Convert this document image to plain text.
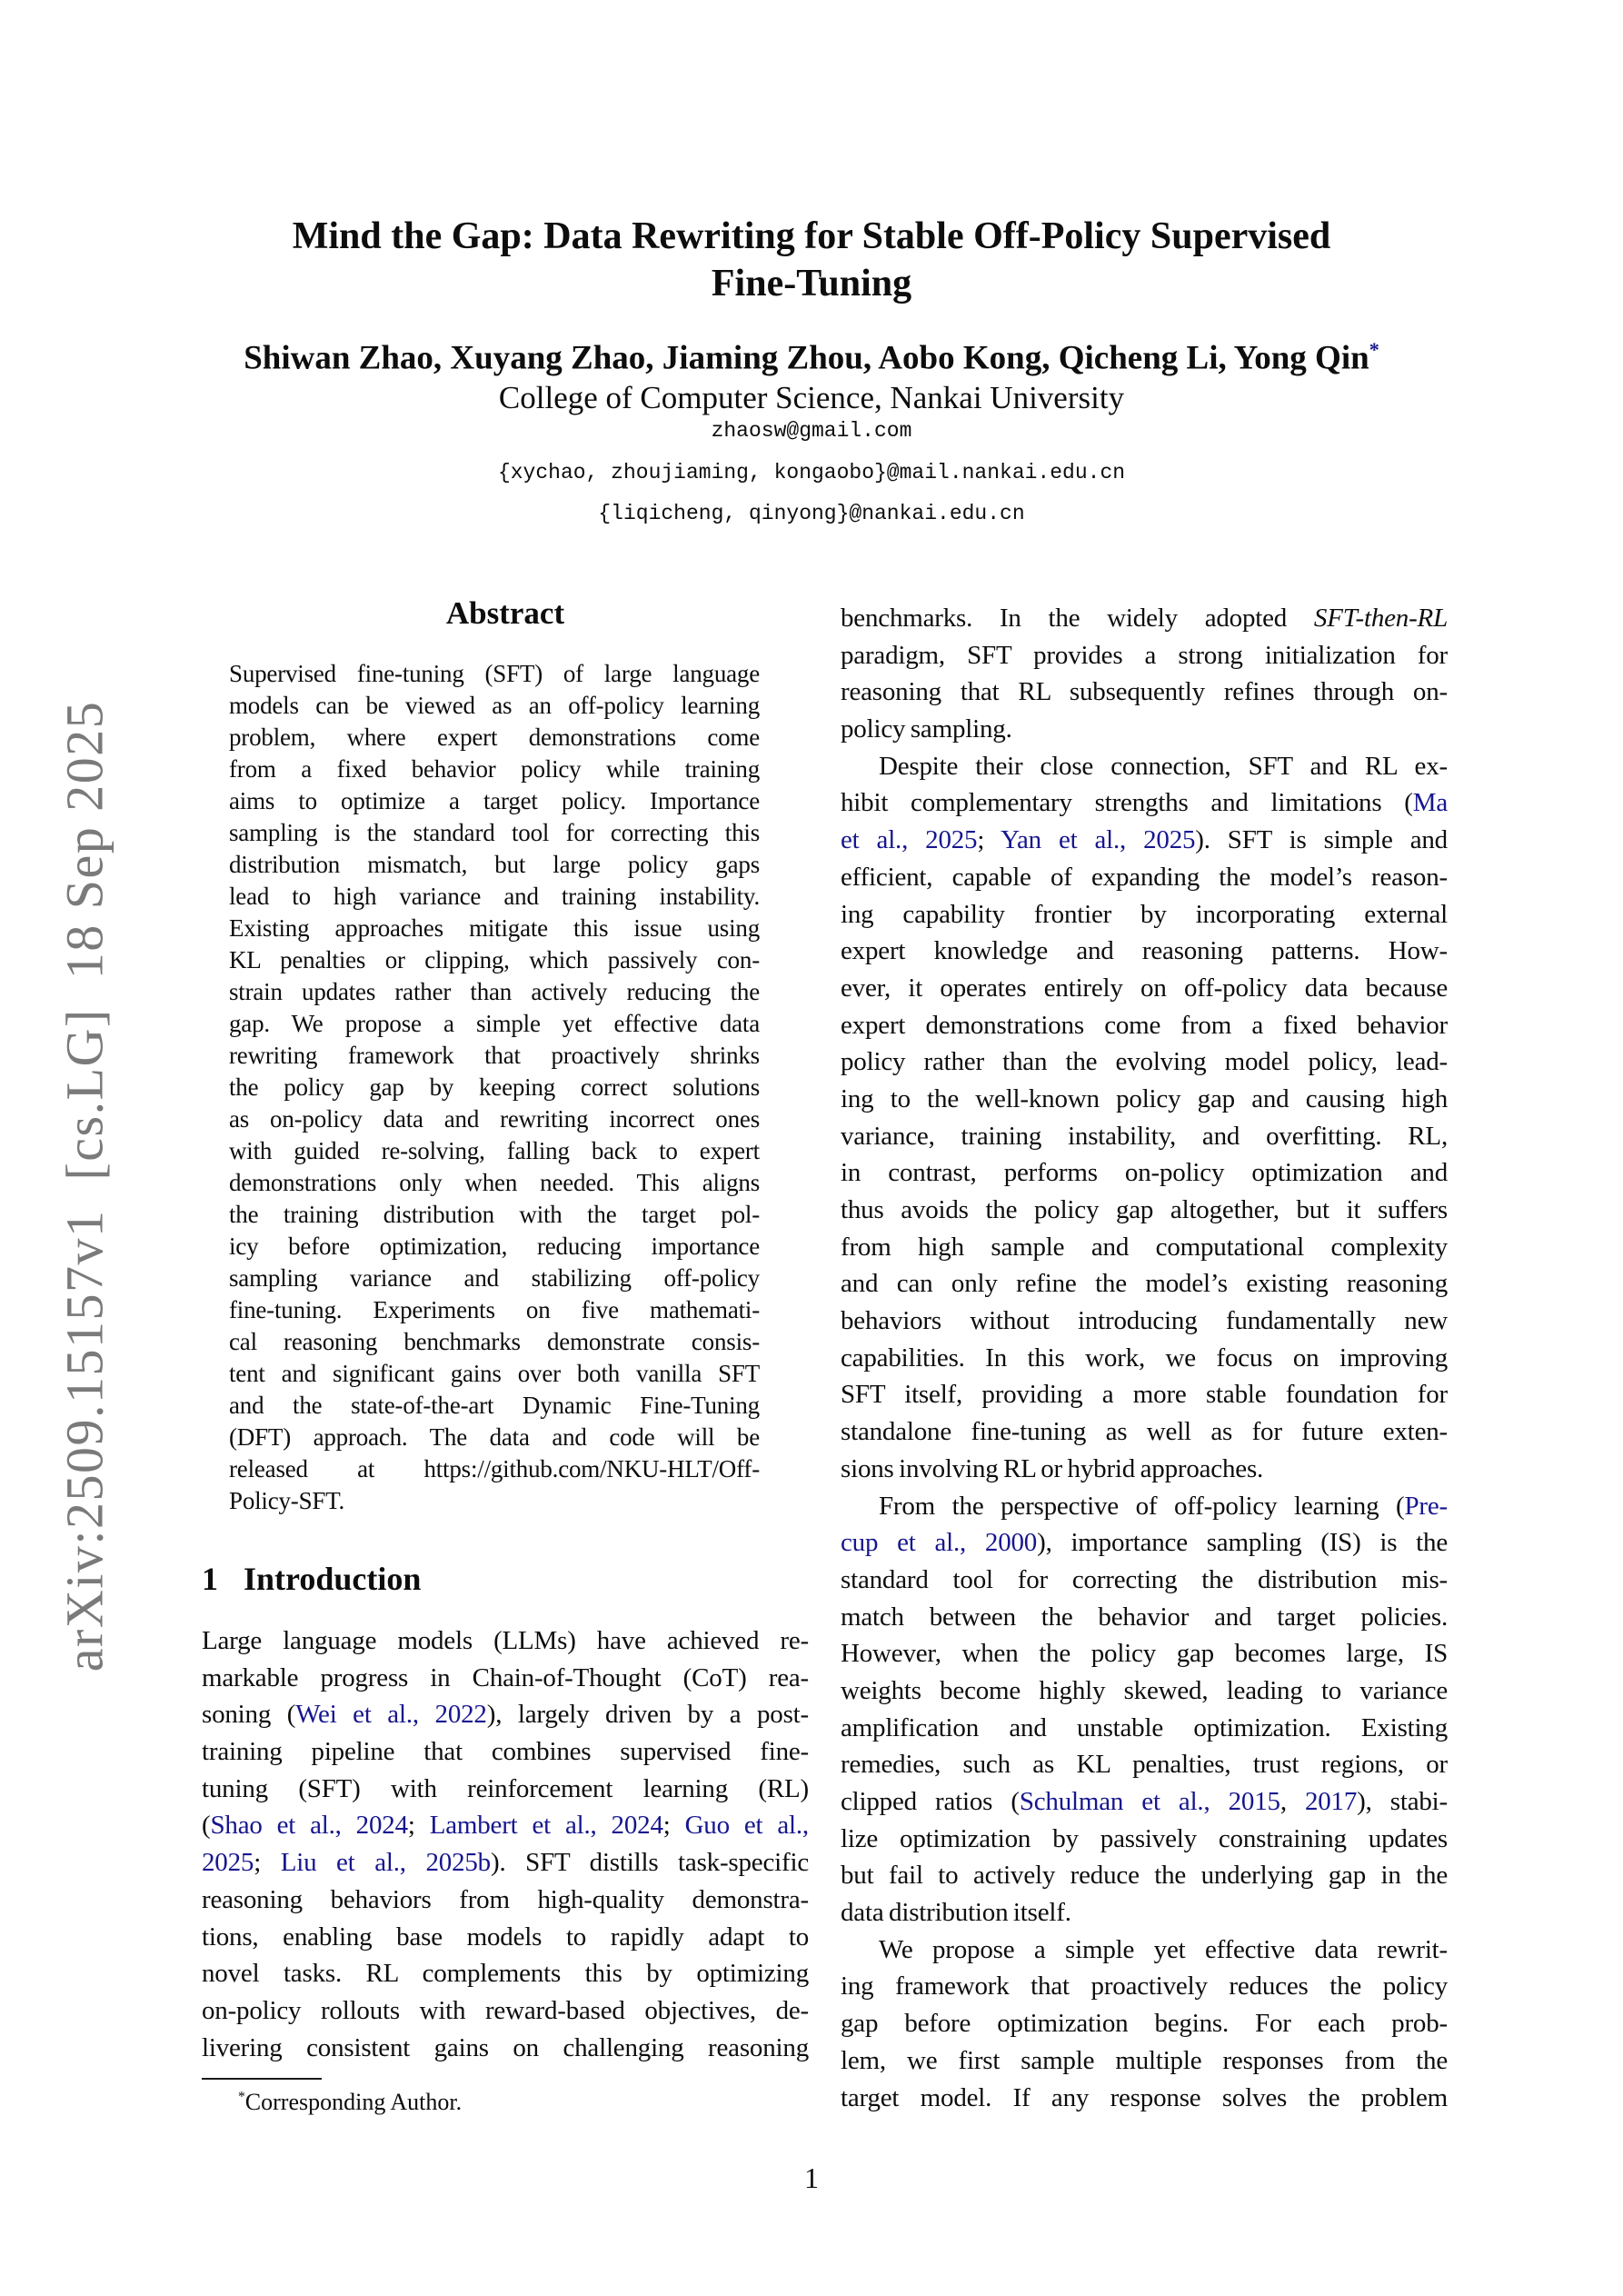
arXiv:2509.15157v1  [cs.LG]  18 Sep 2025
Mind the Gap: Data Rewriting for Stable Off-Policy Supervised
Fine-Tuning
Shiwan Zhao, Xuyang Zhao, Jiaming Zhou, Aobo Kong, Qicheng Li, Yong Qin*
College of Computer Science, Nankai University
zhaosw@gmail.com
{xychao, zhoujiaming, kongaobo}@mail.nankai.edu.cn
{liqicheng, qinyong}@nankai.edu.cn
Abstract
Supervised fine-tuning (SFT) of large language
models can be viewed as an off-policy learning
problem, where expert demonstrations come
from a fixed behavior policy while training
aims to optimize a target policy. Importance
sampling is the standard tool for correcting this
distribution mismatch, but large policy gaps
lead to high variance and training instability.
Existing approaches mitigate this issue using
KL penalties or clipping, which passively con-
strain updates rather than actively reducing the
gap. We propose a simple yet effective data
rewriting framework that proactively shrinks
the policy gap by keeping correct solutions
as on-policy data and rewriting incorrect ones
with guided re-solving, falling back to expert
demonstrations only when needed. This aligns
the training distribution with the target pol-
icy before optimization, reducing importance
sampling variance and stabilizing off-policy
fine-tuning. Experiments on five mathemati-
cal reasoning benchmarks demonstrate consis-
tent and significant gains over both vanilla SFT
and the state-of-the-art Dynamic Fine-Tuning
(DFT) approach. The data and code will be
released at https://github.com/NKU-HLT/Off-
Policy-SFT.
1 Introduction
Large language models (LLMs) have achieved re-
markable progress in Chain-of-Thought (CoT) rea-
soning (Wei et al., 2022), largely driven by a post-
training pipeline that combines supervised fine-
tuning (SFT) with reinforcement learning (RL)
(Shao et al., 2024; Lambert et al., 2024; Guo et al.,
2025; Liu et al., 2025b). SFT distills task-specific
reasoning behaviors from high-quality demonstra-
tions, enabling base models to rapidly adapt to
novel tasks. RL complements this by optimizing
on-policy rollouts with reward-based objectives, de-
livering consistent gains on challenging reasoning
*Corresponding Author.
benchmarks. In the widely adopted SFT-then-RL
paradigm, SFT provides a strong initialization for
reasoning that RL subsequently refines through on-
policy sampling.
Despite their close connection, SFT and RL ex-
hibit complementary strengths and limitations (Ma
et al., 2025; Yan et al., 2025). SFT is simple and
efficient, capable of expanding the model’s reason-
ing capability frontier by incorporating external
expert knowledge and reasoning patterns. How-
ever, it operates entirely on off-policy data because
expert demonstrations come from a fixed behavior
policy rather than the evolving model policy, lead-
ing to the well-known policy gap and causing high
variance, training instability, and overfitting. RL,
in contrast, performs on-policy optimization and
thus avoids the policy gap altogether, but it suffers
from high sample and computational complexity
and can only refine the model’s existing reasoning
behaviors without introducing fundamentally new
capabilities. In this work, we focus on improving
SFT itself, providing a more stable foundation for
standalone fine-tuning as well as for future exten-
sions involving RL or hybrid approaches.
From the perspective of off-policy learning (Pre-
cup et al., 2000), importance sampling (IS) is the
standard tool for correcting the distribution mis-
match between the behavior and target policies.
However, when the policy gap becomes large, IS
weights become highly skewed, leading to variance
amplification and unstable optimization. Existing
remedies, such as KL penalties, trust regions, or
clipped ratios (Schulman et al., 2015, 2017), stabi-
lize optimization by passively constraining updates
but fail to actively reduce the underlying gap in the
data distribution itself.
We propose a simple yet effective data rewrit-
ing framework that proactively reduces the policy
gap before optimization begins. For each prob-
lem, we first sample multiple responses from the
target model. If any response solves the problem
1
